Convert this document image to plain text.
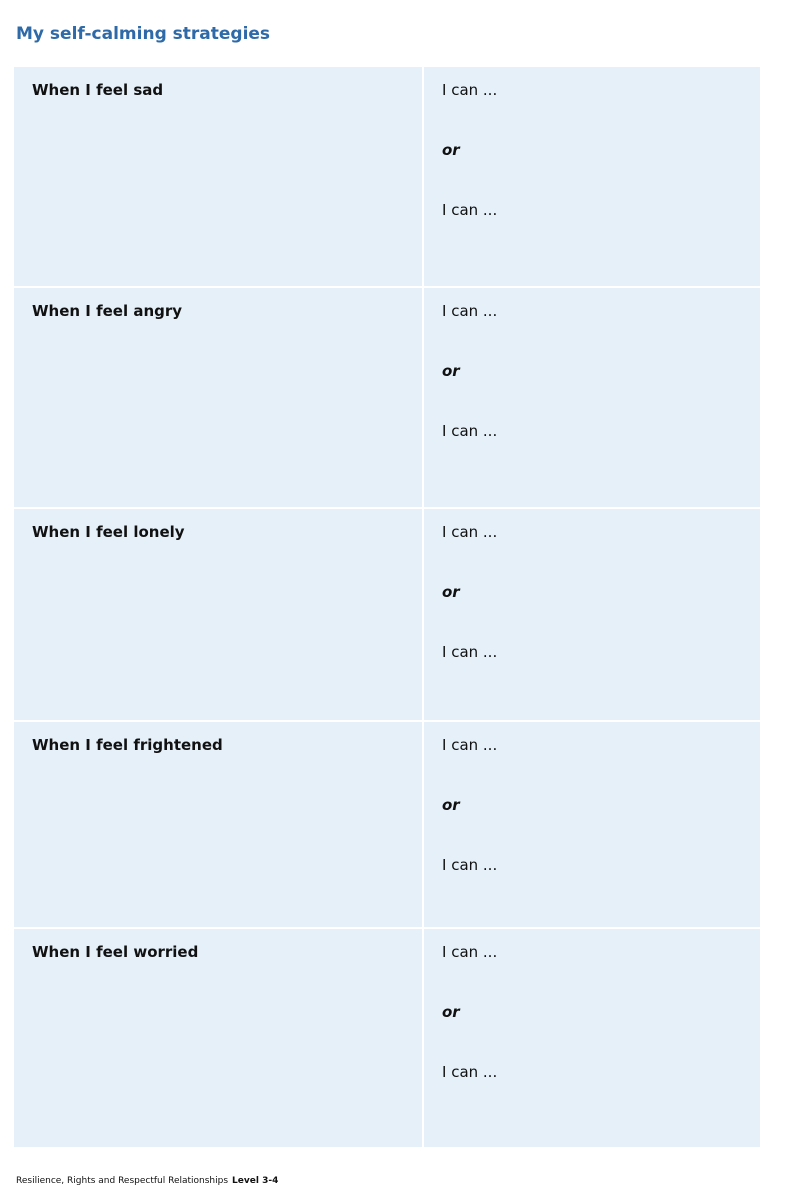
My self-calming strategies
When I feel sad	I can ...
or
I can ...

When I feel angry	I can ...
or
I can ...

When I feel lonely	I can ...
or
I can ...

When I feel frightened	I can ...
or
I can ...

When I feel worried	I can ...
or
I can ...
Resilience, Rights and Respectful Relationships Level 3-4
